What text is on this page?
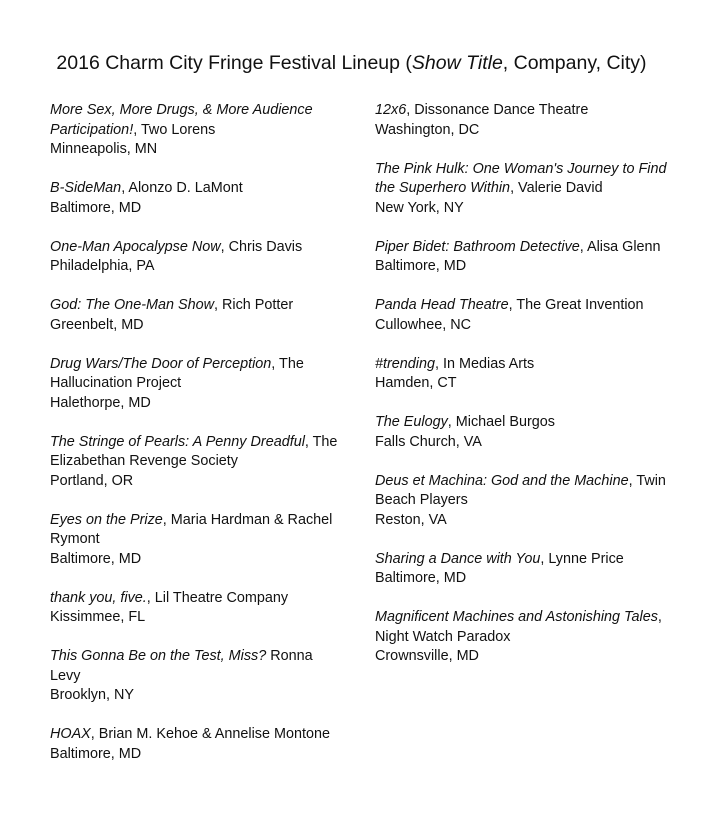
2016 Charm City Fringe Festival Lineup (Show Title, Company, City)
More Sex, More Drugs, & More Audience Participation!, Two Lorens
Minneapolis, MN
B-SideMan, Alonzo D. LaMont
Baltimore, MD
One-Man Apocalypse Now, Chris Davis
Philadelphia, PA
God: The One-Man Show, Rich Potter
Greenbelt, MD
Drug Wars/The Door of Perception, The Hallucination Project
Halethorpe, MD
The Stringe of Pearls: A Penny Dreadful, The Elizabethan Revenge Society
Portland, OR
Eyes on the Prize, Maria Hardman & Rachel Rymont
Baltimore, MD
thank you, five., Lil Theatre Company
Kissimmee, FL
This Gonna Be on the Test, Miss? Ronna Levy
Brooklyn, NY
HOAX, Brian M. Kehoe & Annelise Montone
Baltimore, MD
12x6, Dissonance Dance Theatre
Washington, DC
The Pink Hulk: One Woman's Journey to Find the Superhero Within, Valerie David
New York, NY
Piper Bidet: Bathroom Detective, Alisa Glenn
Baltimore, MD
Panda Head Theatre, The Great Invention
Cullowhee, NC
#trending, In Medias Arts
Hamden, CT
The Eulogy, Michael Burgos
Falls Church, VA
Deus et Machina: God and the Machine, Twin Beach Players
Reston, VA
Sharing a Dance with You, Lynne Price
Baltimore, MD
Magnificent Machines and Astonishing Tales, Night Watch Paradox
Crownsville, MD
